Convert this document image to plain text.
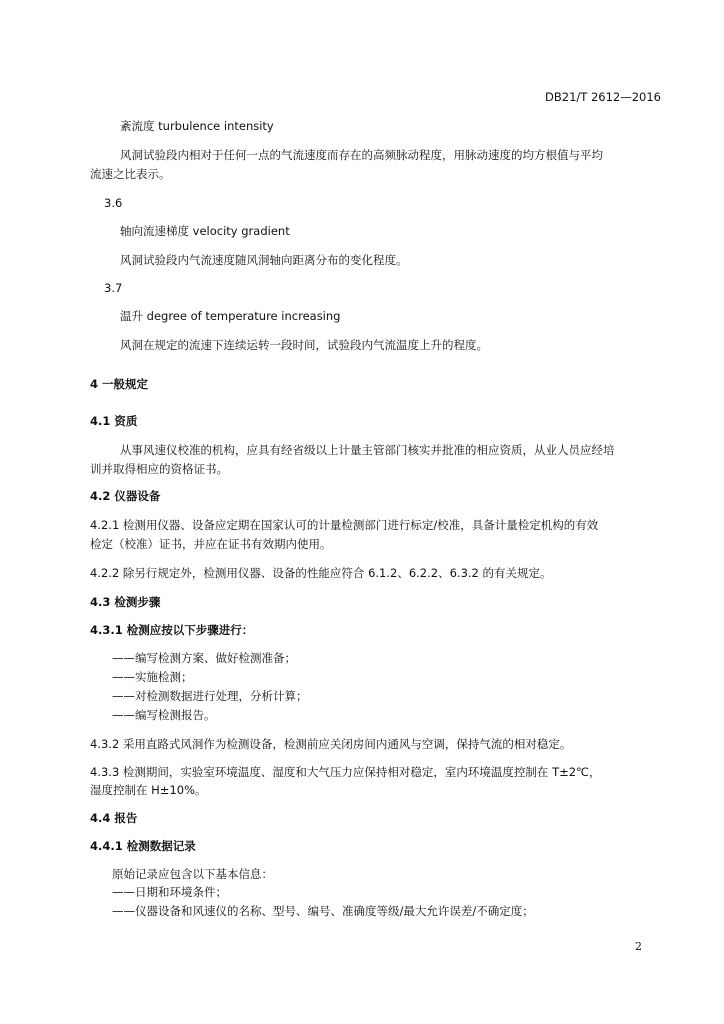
DB21/T 2612—2016
紊流度 turbulence intensity
风洞试验段内相对于任何一点的气流速度而存在的高频脉动程度，用脉动速度的均方根值与平均
流速之比表示。
3.6
轴向流速梯度 velocity gradient
风洞试验段内气流速度随风洞轴向距离分布的变化程度。
3.7
温升 degree of temperature increasing
风洞在规定的流速下连续运转一段时间，试验段内气流温度上升的程度。
4 一般规定
4.1 资质
从事风速仪校准的机构，应具有经省级以上计量主管部门核实并批准的相应资质，从业人员应经培
训并取得相应的资格证书。
4.2 仪器设备
4.2.1 检测用仪器、设备应定期在国家认可的计量检测部门进行标定/校准，具备计量检定机构的有效
检定（校准）证书，并应在证书有效期内使用。
4.2.2 除另行规定外，检测用仪器、设备的性能应符合 6.1.2、6.2.2、6.3.2 的有关规定。
4.3 检测步骤
4.3.1 检测应按以下步骤进行：
——编写检测方案、做好检测准备；
——实施检测；
——对检测数据进行处理，分析计算；
——编写检测报告。
4.3.2 采用直路式风洞作为检测设备，检测前应关闭房间内通风与空调，保持气流的相对稳定。
4.3.3 检测期间，实验室环境温度、湿度和大气压力应保持相对稳定，室内环境温度控制在 T±2℃，
湿度控制在 H±10%。
4.4 报告
4.4.1 检测数据记录
原始记录应包含以下基本信息：
——日期和环境条件；
——仪器设备和风速仪的名称、型号、编号、准确度等级/最大允许误差/不确定度；
2
